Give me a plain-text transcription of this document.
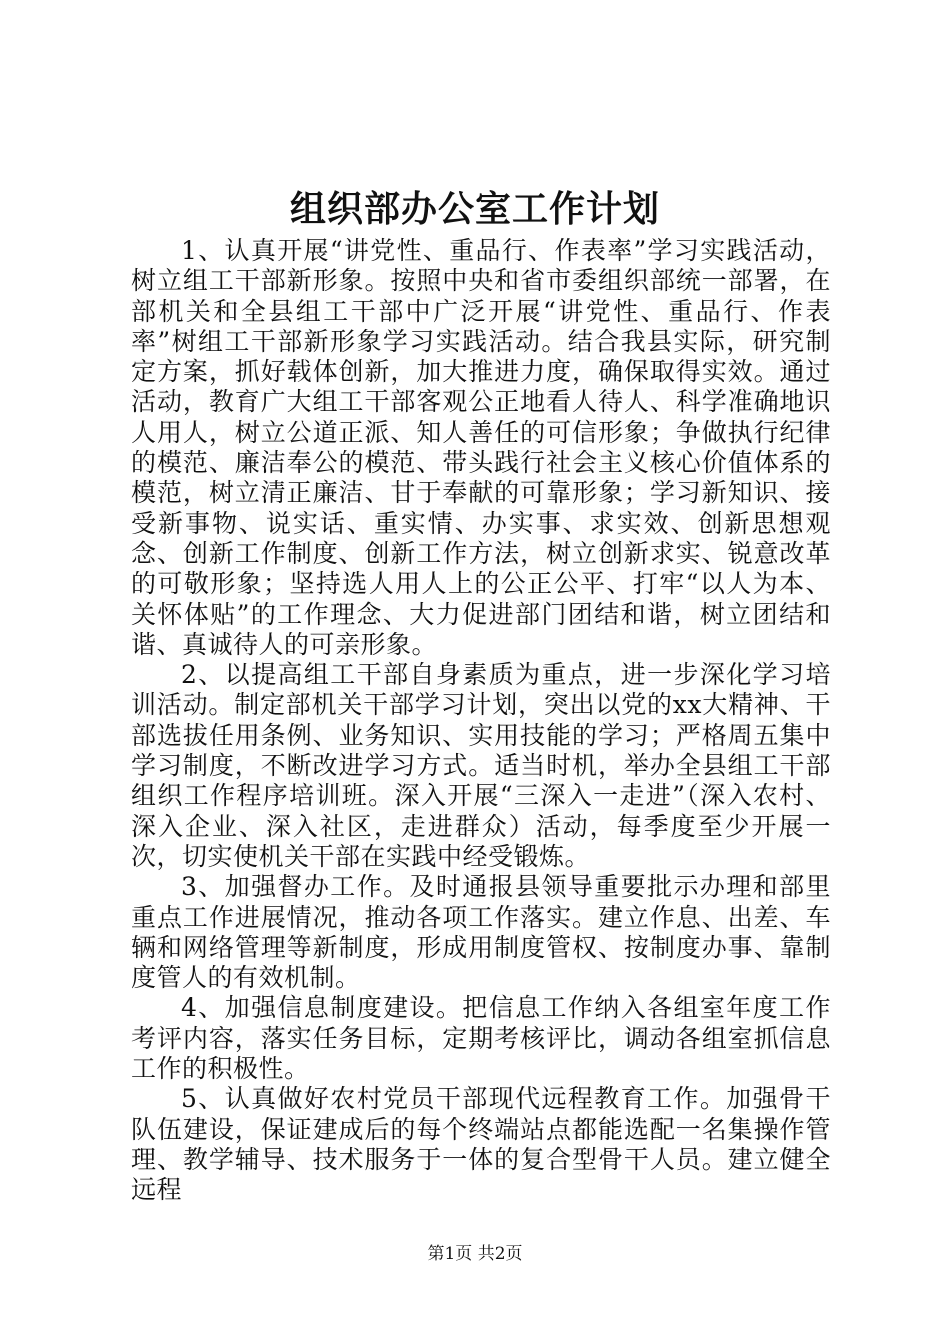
组织部办公室工作计划

1、认真开展“讲党性、重品行、作表率”学习实践活动，树立组工干部新形象。按照中央和省市委组织部统一部署，在部机关和全县组工干部中广泛开展“讲党性、重品行、作表率”树组工干部新形象学习实践活动。结合我县实际，研究制定方案，抓好载体创新，加大推进力度，确保取得实效。通过活动，教育广大组工干部客观公正地看人待人、科学准确地识人用人，树立公道正派、知人善任的可信形象；争做执行纪律的模范、廉洁奉公的模范、带头践行社会主义核心价值体系的模范，树立清正廉洁、甘于奉献的可靠形象；学习新知识、接受新事物、说实话、重实情、办实事、求实效、创新思想观念、创新工作制度、创新工作方法，树立创新求实、锐意改革的可敬形象；坚持选人用人上的公正公平、打牢“以人为本、关怀体贴”的工作理念、大力促进部门团结和谐，树立团结和谐、真诚待人的可亲形象。

2、以提高组工干部自身素质为重点，进一步深化学习培训活动。制定部机关干部学习计划，突出以党的xx大精神、干部选拔任用条例、业务知识、实用技能的学习；严格周五集中学习制度，不断改进学习方式。适当时机，举办全县组工干部组织工作程序培训班。深入开展“三深入一走进”（深入农村、深入企业、深入社区，走进群众）活动，每季度至少开展一次，切实使机关干部在实践中经受锻炼。

3、加强督办工作。及时通报县领导重要批示办理和部里重点工作进展情况，推动各项工作落实。建立作息、出差、车辆和网络管理等新制度，形成用制度管权、按制度办事、靠制度管人的有效机制。

4、加强信息制度建设。把信息工作纳入各组室年度工作考评内容，落实任务目标，定期考核评比，调动各组室抓信息工作的积极性。

5、认真做好农村党员干部现代远程教育工作。加强骨干队伍建设，保证建成后的每个终端站点都能选配一名集操作管理、教学辅导、技术服务于一体的复合型骨干人员。建立健全远程

第1页 共2页
